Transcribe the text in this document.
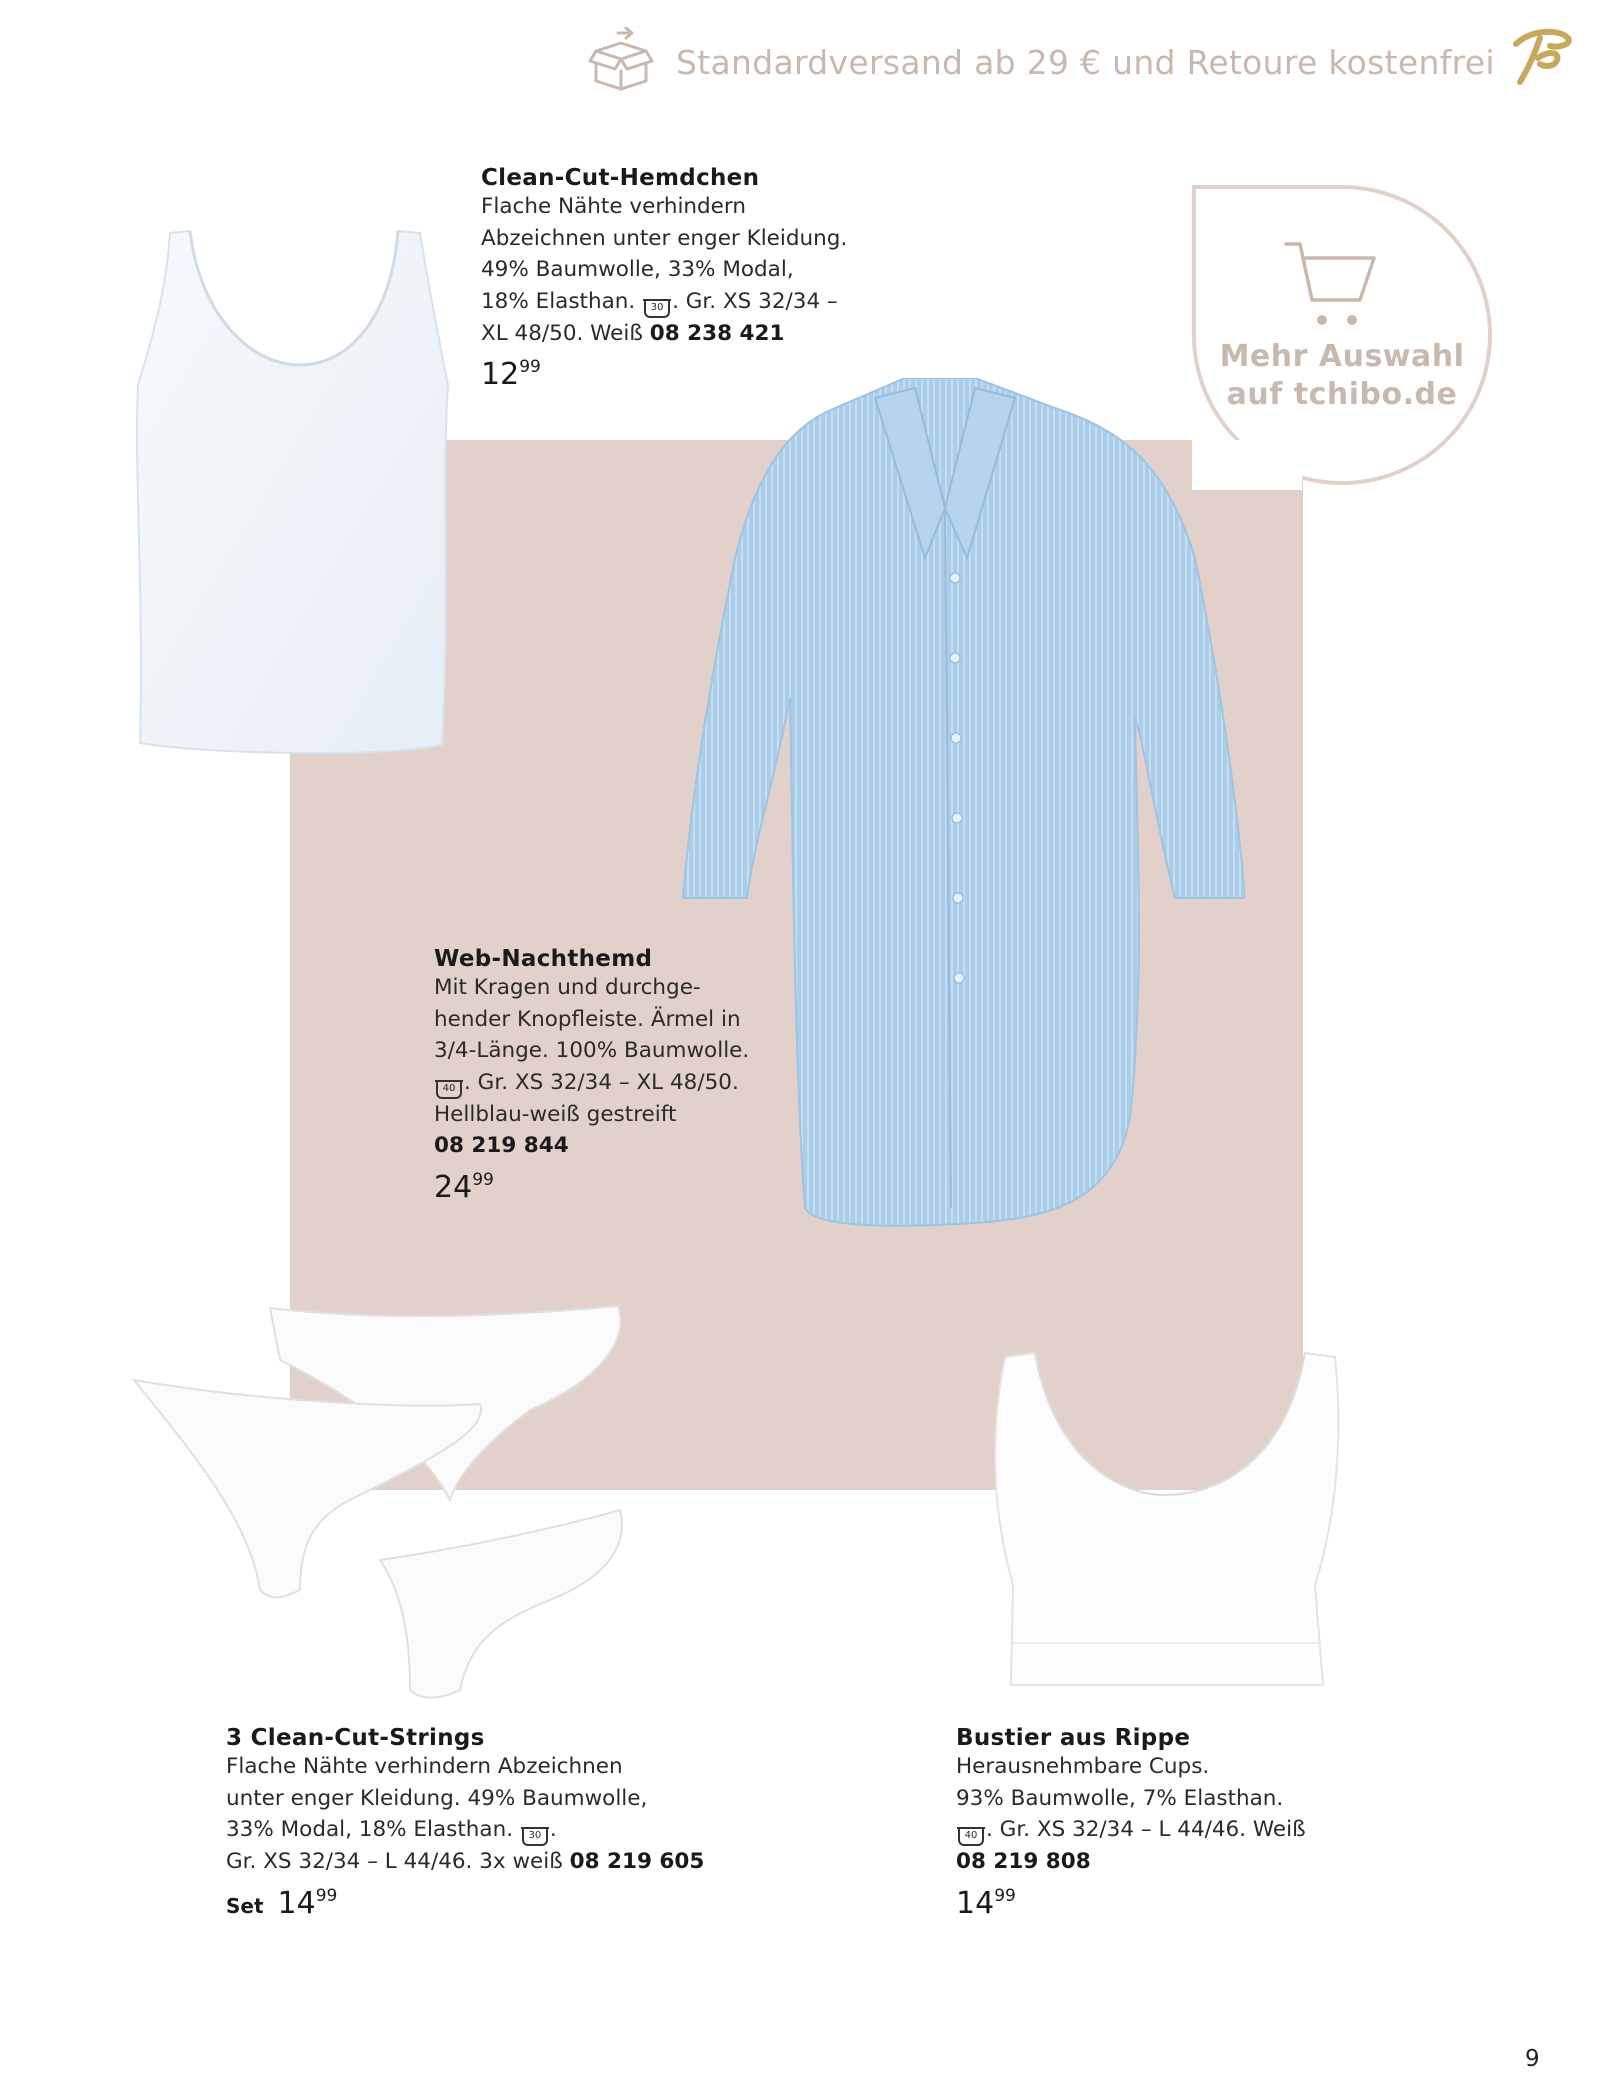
Standardversand ab 29 € und Retoure kostenfrei
Mehr Auswahl
auf tchibo.de
Clean-Cut-Hemdchen
Flache Nähte verhindern
Abzeichnen unter enger Kleidung.
49% Baumwolle, 33% Modal,
18% Elasthan. 30 . Gr. XS 32/34 –
XL 48/50. Weiß 08 238 421
$12^{99}$
Web-Nachthemd
Mit Kragen und durchge-
hender Knopfleiste. Ärmel in
3/4-Länge. 100% Baumwolle.
40 . Gr. XS 32/34 – XL 48/50.
Hellblau-weiß gestreift
08 219 844
$24^{99}$
3 Clean-Cut-Strings
Flache Nähte verhindern Abzeichnen
unter enger Kleidung. 49% Baumwolle,
33% Modal, 18% Elasthan. 30 .
Gr. XS 32/34 – L 44/46. 3x weiß 08 219 605
Set $14^{99}$
Bustier aus Rippe
Herausnehmbare Cups.
93% Baumwolle, 7% Elasthan.
40 . Gr. XS 32/34 – L 44/46. Weiß
08 219 808
$14^{99}$
9
